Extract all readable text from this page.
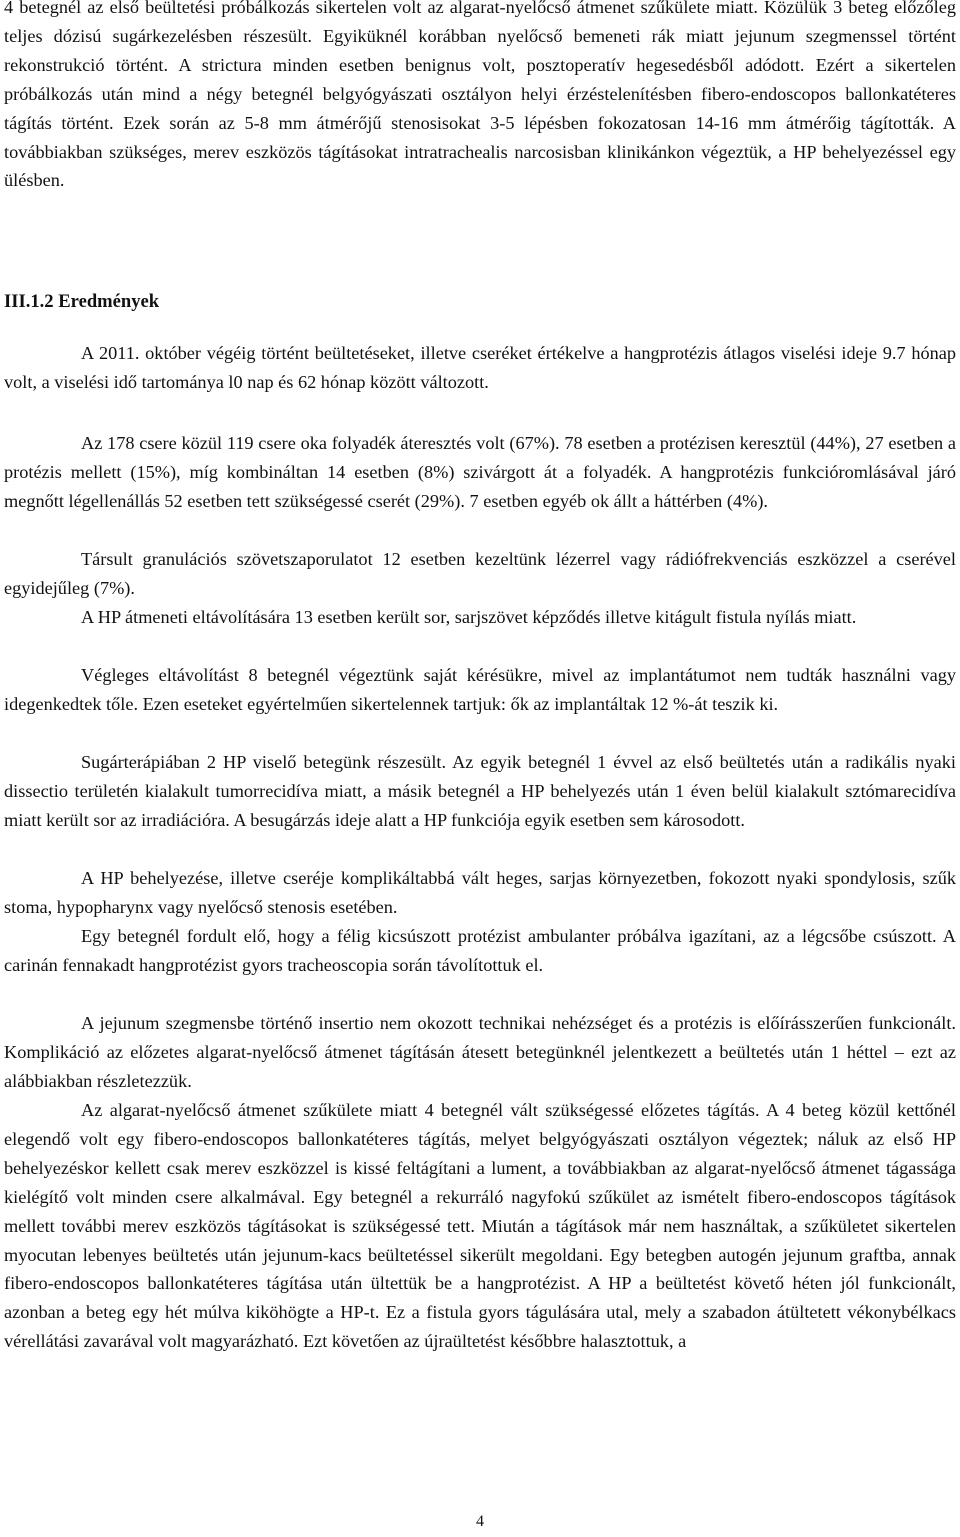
4 betegnél az első beültetési próbálkozás sikertelen volt az algarat-nyelőcső átmenet szűkülete miatt. Közülük 3 beteg előzőleg teljes dózisú sugárkezelésben részesült. Egyiküknél korábban nyelőcső bemeneti rák miatt jejunum szegmenssel történt rekonstrukció történt. A strictura minden esetben benignus volt, posztoperatív hegesedésből adódott. Ezért a sikertelen próbálkozás után mind a négy betegnél belgyógyászati osztályon helyi érzéstelenítésben fibero-endoscopos ballonkatéteres tágítás történt. Ezek során az 5-8 mm átmérőjű stenosisokat 3-5 lépésben fokozatosan 14-16 mm átmérőig tágították. A továbbiakban szükséges, merev eszközös tágításokat intratrachealis narcosisban klinikánkon végeztük, a HP behelyezéssel egy ülésben.

III.1.2 Eredmények

A 2011. október végéig történt beültetéseket, illetve cseréket értékelve a hangprotézis átlagos viselési ideje 9.7 hónap volt, a viselési idő tartománya l0 nap és 62 hónap között változott.

Az 178 csere közül 119 csere oka folyadék áteresztés volt (67%). 78 esetben a protézisen keresztül (44%), 27 esetben a protézis mellett (15%), míg kombináltan 14 esetben (8%) szivárgott át a folyadék. A hangprotézis funkcióromlásával járó megnőtt légellenállás 52 esetben tett szükségessé cserét (29%). 7 esetben egyéb ok állt a háttérben (4%).

Társult granulációs szövetszaporulatot 12 esetben kezeltünk lézerrel vagy rádiófrekvenciás eszközzel a cserével egyidejűleg (7%).

A HP átmeneti eltávolítására 13 esetben került sor, sarjszövet képződés illetve kitágult fistula nyílás miatt.

Végleges eltávolítást 8 betegnél végeztünk saját kérésükre, mivel az implantátumot nem tudták használni vagy idegenkedtek tőle. Ezen eseteket egyértelműen sikertelennek tartjuk: ők az implantáltak 12 %-át teszik ki.

Sugárterápiában 2 HP viselő betegünk részesült. Az egyik betegnél 1 évvel az első beültetés után a radikális nyaki dissectio területén kialakult tumorrecidíva miatt, a másik betegnél a HP behelyezés után 1 éven belül kialakult sztómarecidíva miatt került sor az irradiációra. A besugárzás ideje alatt a HP funkciója egyik esetben sem károsodott.

A HP behelyezése, illetve cseréje komplikáltabbá vált heges, sarjas környezetben, fokozott nyaki spondylosis, szűk stoma, hypopharynx vagy nyelőcső stenosis esetében.

Egy betegnél fordult elő, hogy a félig kicsúszott protézist ambulanter próbálva igazítani, az a légcsőbe csúszott. A carinán fennakadt hangprotézist gyors tracheoscopia során távolítottuk el.

A jejunum szegmensbe történő insertio nem okozott technikai nehézséget és a protézis is előírásszerűen funkcionált. Komplikáció az előzetes algarat-nyelőcső átmenet tágításán átesett betegünknél jelentkezett a beültetés után 1 héttel – ezt az alábbiakban részletezzük.

Az algarat-nyelőcső átmenet szűkülete miatt 4 betegnél vált szükségessé előzetes tágítás. A 4 beteg közül kettőnél elegendő volt egy fibero-endoscopos ballonkatéteres tágítás, melyet belgyógyászati osztályon végeztek; náluk az első HP behelyezéskor kellett csak merev eszközzel is kissé feltágítani a lument, a továbbiakban az algarat-nyelőcső átmenet tágassága kielégítő volt minden csere alkalmával. Egy betegnél a rekurráló nagyfokú szűkület az ismételt fibero-endoscopos tágítások mellett további merev eszközös tágításokat is szükségessé tett. Miután a tágítások már nem használtak, a szűkületet sikertelen myocutan lebenyes beültetés után jejunum-kacs beültetéssel sikerült megoldani. Egy betegben autogén jejunum graftba, annak fibero-endoscopos ballonkatéteres tágítása után ültettük be a hangprotézist. A HP a beültetést követő héten jól funkcionált, azonban a beteg egy hét múlva kiköhögte a HP-t. Ez a fistula gyors tágulására utal, mely a szabadon átültetett vékonybélkacs vérellátási zavarával volt magyarázható. Ezt követően az újraültetést későbbre halasztottuk, a

4
